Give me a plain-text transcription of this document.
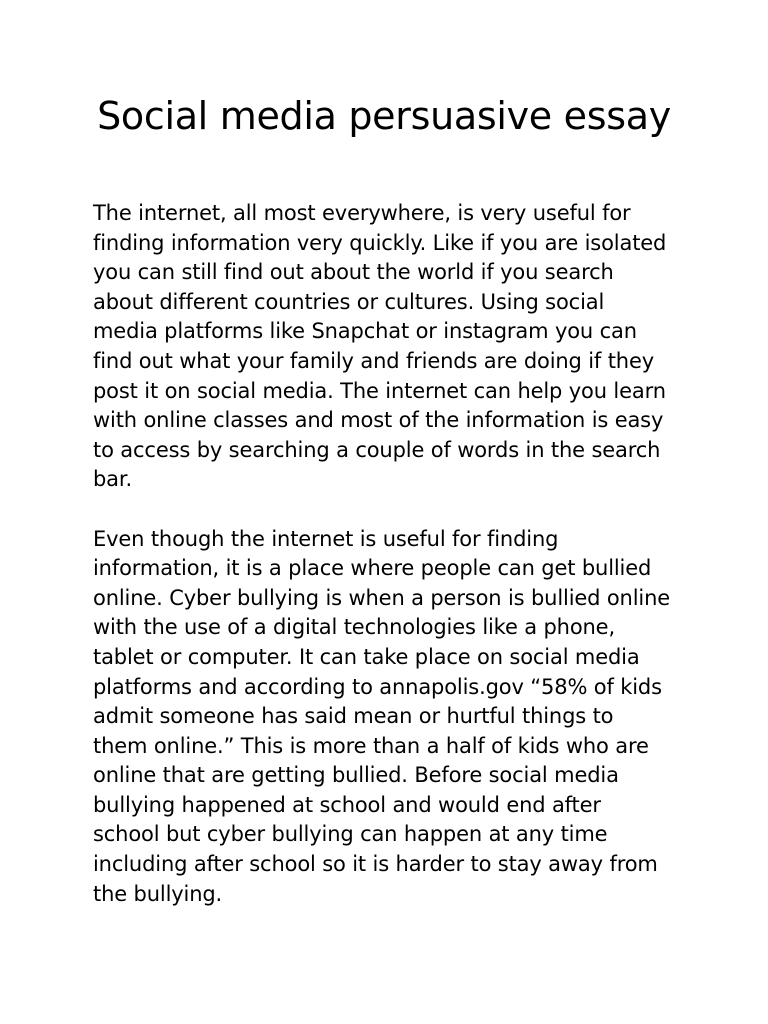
Social media persuasive essay

The internet, all most everywhere, is very useful for
finding information very quickly. Like if you are isolated
you can still find out about the world if you search
about different countries or cultures. Using social
media platforms like Snapchat or instagram you can
find out what your family and friends are doing if they
post it on social media. The internet can help you learn
with online classes and most of the information is easy
to access by searching a couple of words in the search
bar.

Even though the internet is useful for finding
information, it is a place where people can get bullied
online. Cyber bullying is when a person is bullied online
with the use of a digital technologies like a phone,
tablet or computer. It can take place on social media
platforms and according to annapolis.gov “58% of kids
admit someone has said mean or hurtful things to
them online.” This is more than a half of kids who are
online that are getting bullied. Before social media
bullying happened at school and would end after
school but cyber bullying can happen at any time
including after school so it is harder to stay away from
the bullying.
